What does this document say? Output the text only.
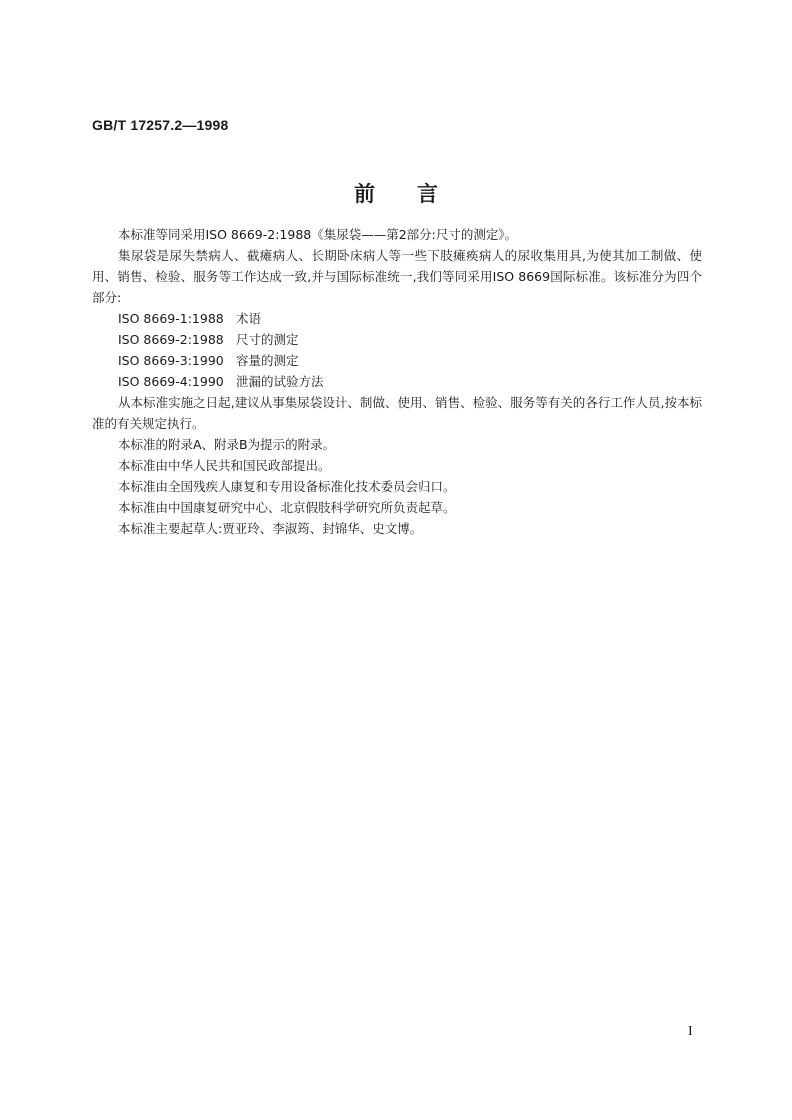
GB/T 17257.2—1998
前 言

本标准等同采用ISO 8669-2:1988《集尿袋——第2部分:尺寸的测定》。

集尿袋是尿失禁病人、截瘫病人、长期卧床病人等一些下肢瘫痪病人的尿收集用具,为使其加工制做、使用、销售、检验、服务等工作达成一致,并与国际标准统一,我们等同采用ISO 8669国际标准。该标准分为四个部分:

ISO 8669-1:1988 术语

ISO 8669-2:1988 尺寸的测定

ISO 8669-3:1990 容量的测定

ISO 8669-4:1990 泄漏的试验方法

从本标准实施之日起,建议从事集尿袋设计、制做、使用、销售、检验、服务等有关的各行工作人员,按本标准的有关规定执行。

本标准的附录A、附录B为提示的附录。

本标准由中华人民共和国民政部提出。

本标准由全国残疾人康复和专用设备标准化技术委员会归口。

本标准由中国康复研究中心、北京假肢科学研究所负责起草。

本标准主要起草人:贾亚玲、李淑筠、封锦华、史文博。

I
